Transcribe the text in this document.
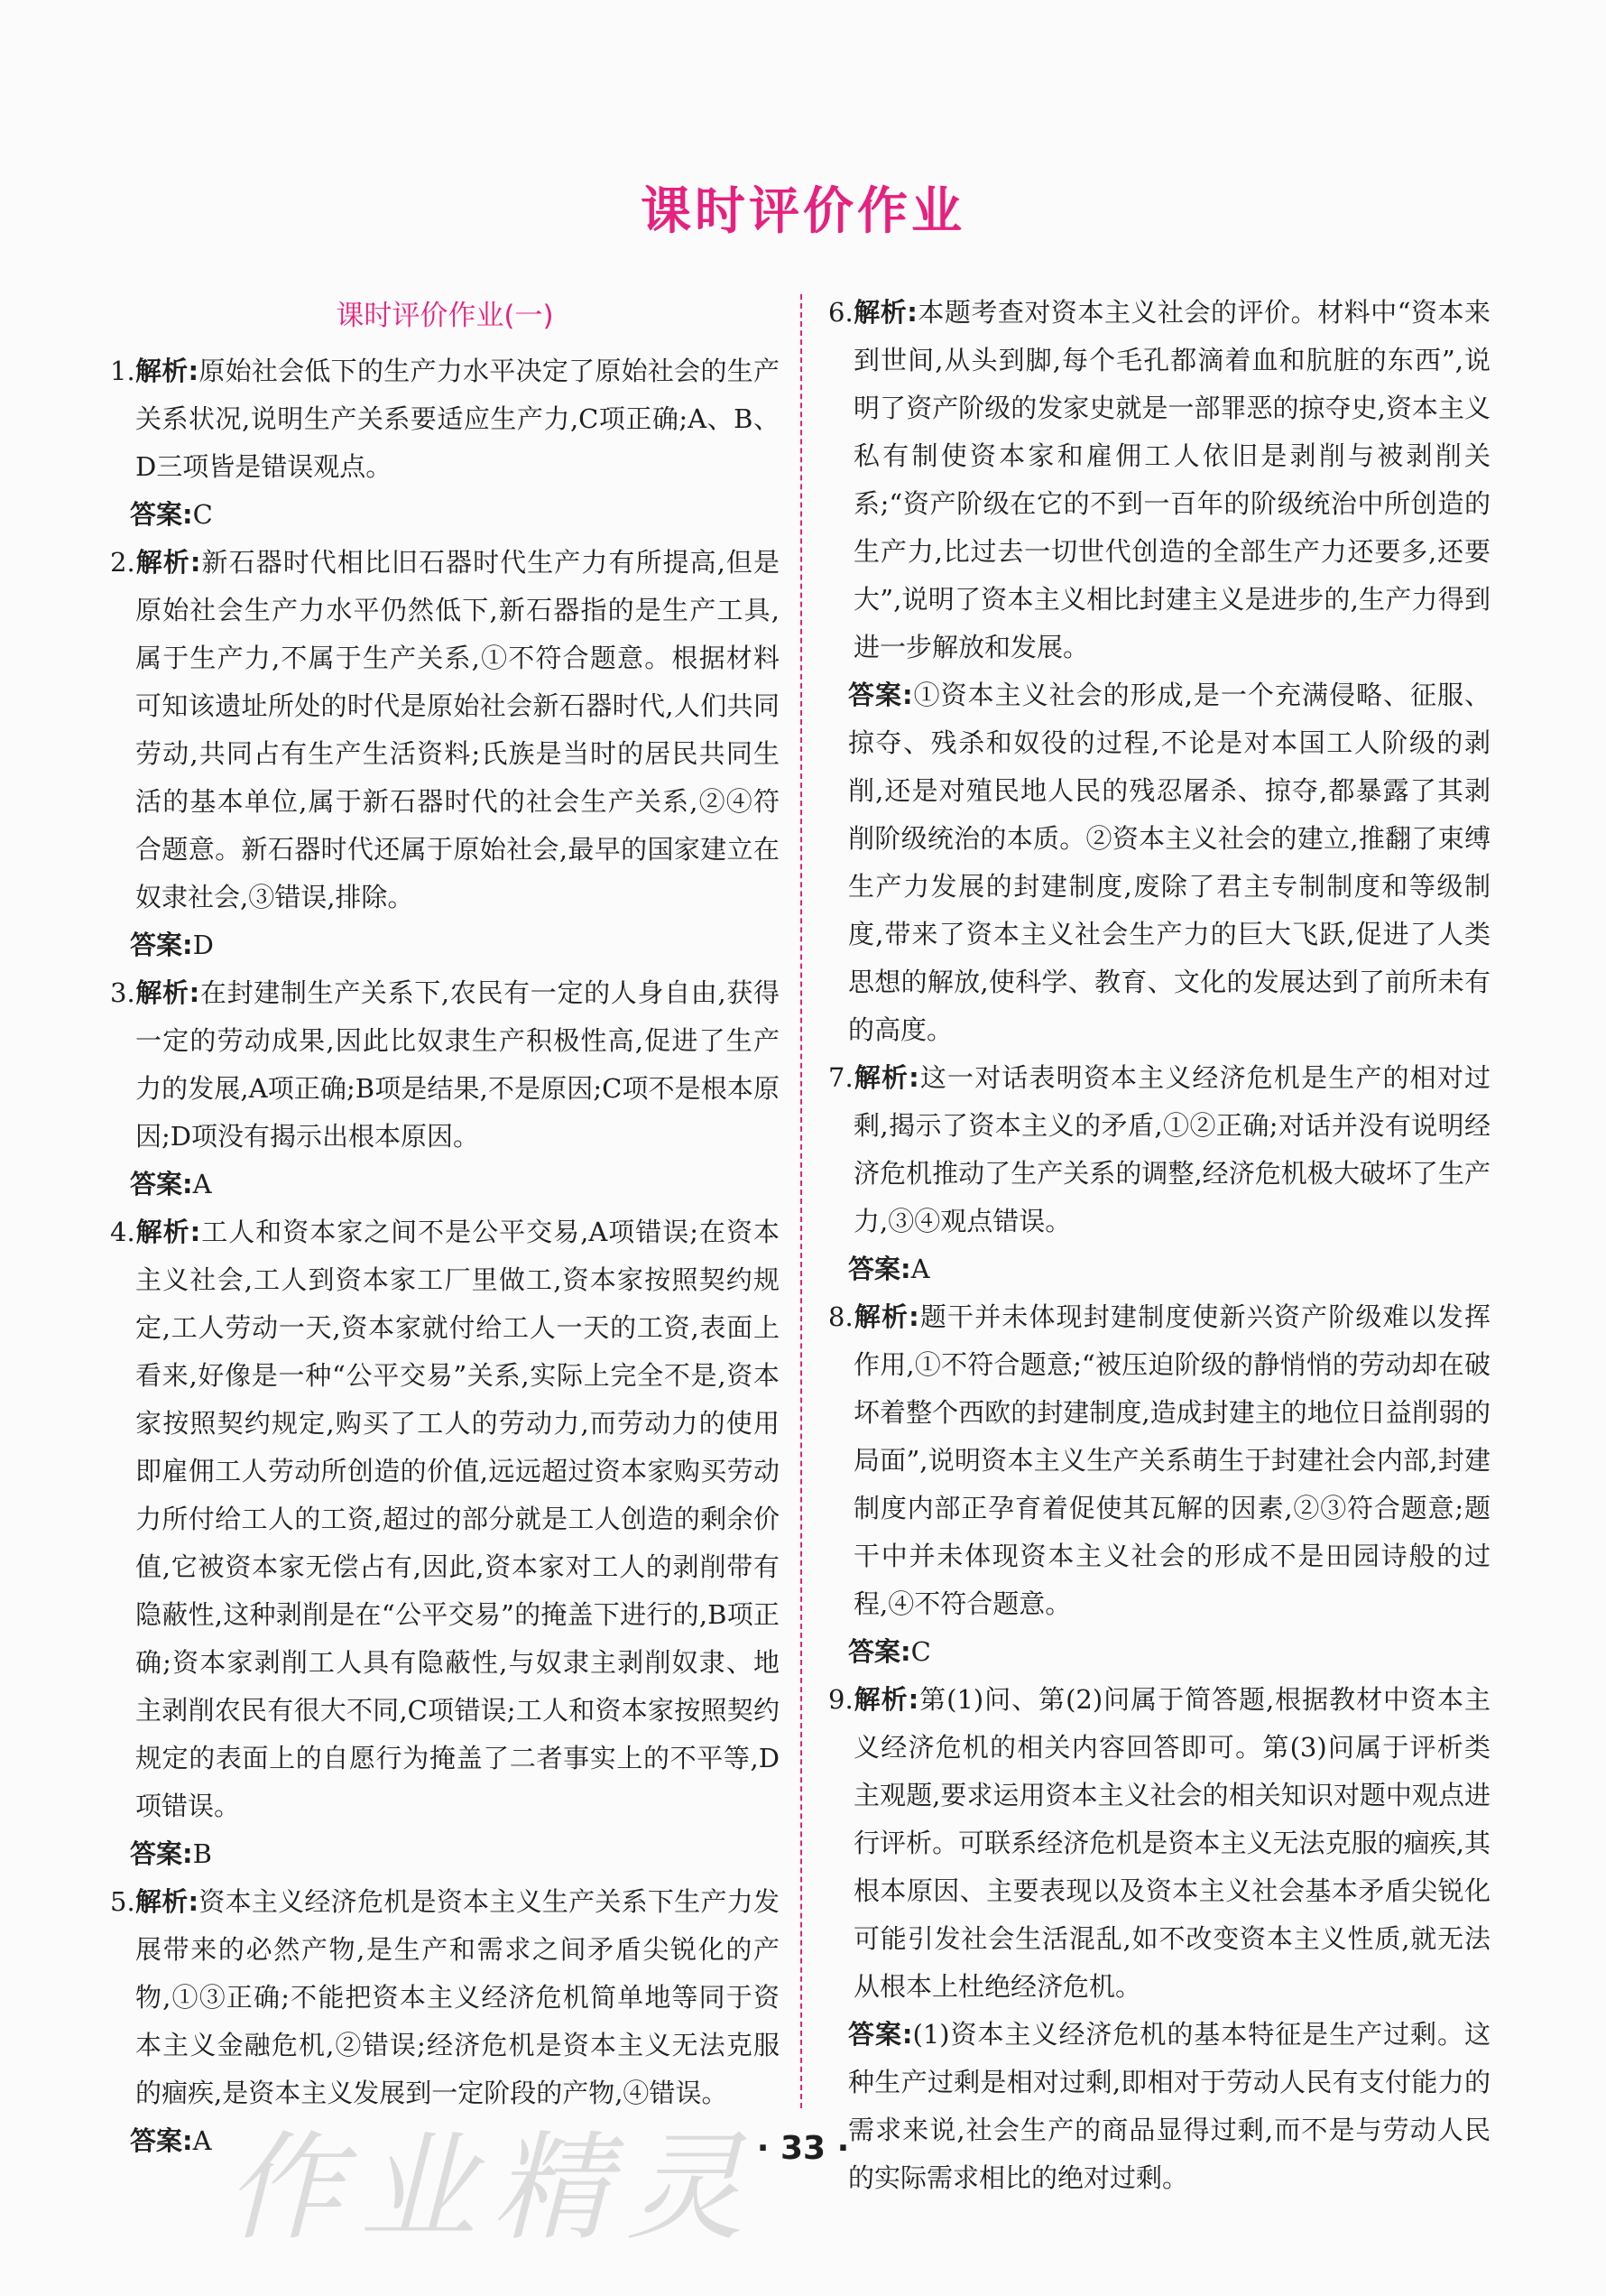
课时评价作业
课时评价作业(一)

1.解析:原始社会低下的生产力水平决定了原始社会的生产关系状况,说明生产关系要适应生产力,C项正确;A、B、D三项皆是错误观点。

答案:C

2.解析:新石器时代相比旧石器时代生产力有所提高,但是原始社会生产力水平仍然低下,新石器指的是生产工具,属于生产力,不属于生产关系,①不符合题意。根据材料可知该遗址所处的时代是原始社会新石器时代,人们共同劳动,共同占有生产生活资料;氏族是当时的居民共同生活的基本单位,属于新石器时代的社会生产关系,②④符合题意。新石器时代还属于原始社会,最早的国家建立在奴隶社会,③错误,排除。

答案:D

3.解析:在封建制生产关系下,农民有一定的人身自由,获得一定的劳动成果,因此比奴隶生产积极性高,促进了生产力的发展,A项正确;B项是结果,不是原因;C项不是根本原因;D项没有揭示出根本原因。

答案:A

4.解析:工人和资本家之间不是公平交易,A项错误;在资本主义社会,工人到资本家工厂里做工,资本家按照契约规定,工人劳动一天,资本家就付给工人一天的工资,表面上看来,好像是一种“公平交易”关系,实际上完全不是,资本家按照契约规定,购买了工人的劳动力,而劳动力的使用即雇佣工人劳动所创造的价值,远远超过资本家购买劳动力所付给工人的工资,超过的部分就是工人创造的剩余价值,它被资本家无偿占有,因此,资本家对工人的剥削带有隐蔽性,这种剥削是在“公平交易”的掩盖下进行的,B项正确;资本家剥削工人具有隐蔽性,与奴隶主剥削奴隶、地主剥削农民有很大不同,C项错误;工人和资本家按照契约规定的表面上的自愿行为掩盖了二者事实上的不平等,D项错误。

答案:B

5.解析:资本主义经济危机是资本主义生产关系下生产力发展带来的必然产物,是生产和需求之间矛盾尖锐化的产物,①③正确;不能把资本主义经济危机简单地等同于资本主义金融危机,②错误;经济危机是资本主义无法克服的痼疾,是资本主义发展到一定阶段的产物,④错误。

答案:A

6.解析:本题考查对资本主义社会的评价。材料中“资本来到世间,从头到脚,每个毛孔都滴着血和肮脏的东西”,说明了资产阶级的发家史就是一部罪恶的掠夺史,资本主义私有制使资本家和雇佣工人依旧是剥削与被剥削关系;“资产阶级在它的不到一百年的阶级统治中所创造的生产力,比过去一切世代创造的全部生产力还要多,还要大”,说明了资本主义相比封建主义是进步的,生产力得到进一步解放和发展。

答案:①资本主义社会的形成,是一个充满侵略、征服、掠夺、残杀和奴役的过程,不论是对本国工人阶级的剥削,还是对殖民地人民的残忍屠杀、掠夺,都暴露了其剥削阶级统治的本质。②资本主义社会的建立,推翻了束缚生产力发展的封建制度,废除了君主专制制度和等级制度,带来了资本主义社会生产力的巨大飞跃,促进了人类思想的解放,使科学、教育、文化的发展达到了前所未有的高度。

7.解析:这一对话表明资本主义经济危机是生产的相对过剩,揭示了资本主义的矛盾,①②正确;对话并没有说明经济危机推动了生产关系的调整,经济危机极大破坏了生产力,③④观点错误。

答案:A

8.解析:题干并未体现封建制度使新兴资产阶级难以发挥作用,①不符合题意;“被压迫阶级的静悄悄的劳动却在破坏着整个西欧的封建制度,造成封建主的地位日益削弱的局面”,说明资本主义生产关系萌生于封建社会内部,封建制度内部正孕育着促使其瓦解的因素,②③符合题意;题干中并未体现资本主义社会的形成不是田园诗般的过程,④不符合题意。

答案:C

9.解析:第(1)问、第(2)问属于简答题,根据教材中资本主义经济危机的相关内容回答即可。第(3)问属于评析类主观题,要求运用资本主义社会的相关知识对题中观点进行评析。可联系经济危机是资本主义无法克服的痼疾,其根本原因、主要表现以及资本主义社会基本矛盾尖锐化可能引发社会生活混乱,如不改变资本主义性质,就无法从根本上杜绝经济危机。

答案:(1)资本主义经济危机的基本特征是生产过剩。这种生产过剩是相对过剩,即相对于劳动人民有支付能力的需求来说,社会生产的商品显得过剩,而不是与劳动人民的实际需求相比的绝对过剩。

作业精灵
· 33 ·
